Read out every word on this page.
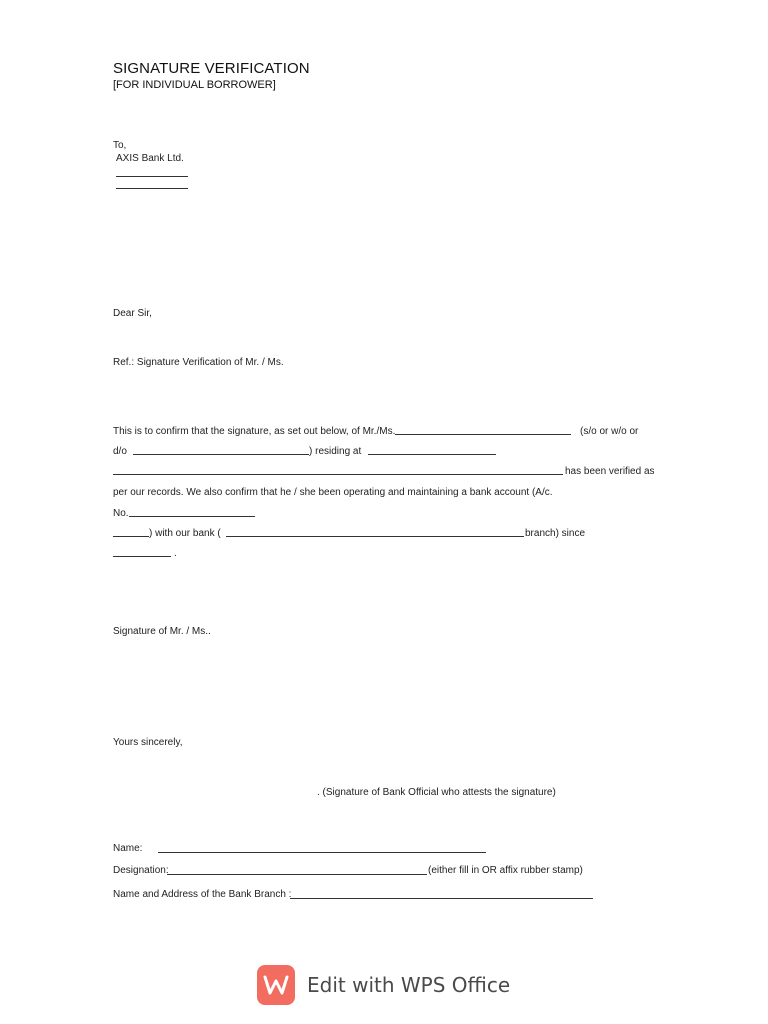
SIGNATURE VERIFICATION
[FOR INDIVIDUAL BORROWER]
To,
AXIS Bank Ltd.
Dear Sir,
Ref.: Signature Verification of Mr. / Ms.
This is to confirm that the signature, as set out below, of Mr./Ms.	(s/o or w/o or
d/o	) residing at
has been verified as
per our records. We also confirm that he / she been operating and maintaining a bank account (A/c.
No.
) with our bank (	branch) since
.
Signature of Mr. / Ms..
Yours sincerely,
. (Signature of Bank Official who attests the signature)
Name:
Designation:	(either fill in OR affix rubber stamp)
Name and Address of the Bank Branch :
Edit with WPS Office
